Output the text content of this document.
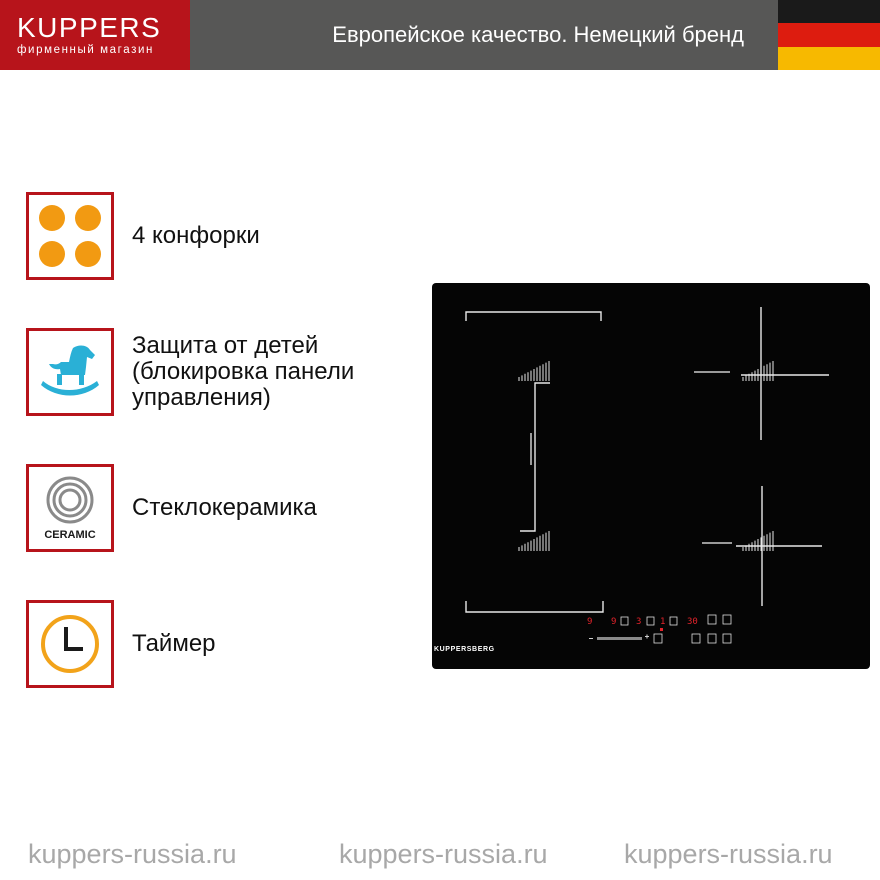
KUPPERS
фирменный магазин
Европейское качество. Немецкий бренд
4 конфорки
Защита от детей (блокировка панели управления)
CERAMIC
Стеклокерамика
Таймер
9 9 3 1 30
KUPPERSBERG
kuppers-russia.ru	kuppers-russia.ru	kuppers-russia.ru
